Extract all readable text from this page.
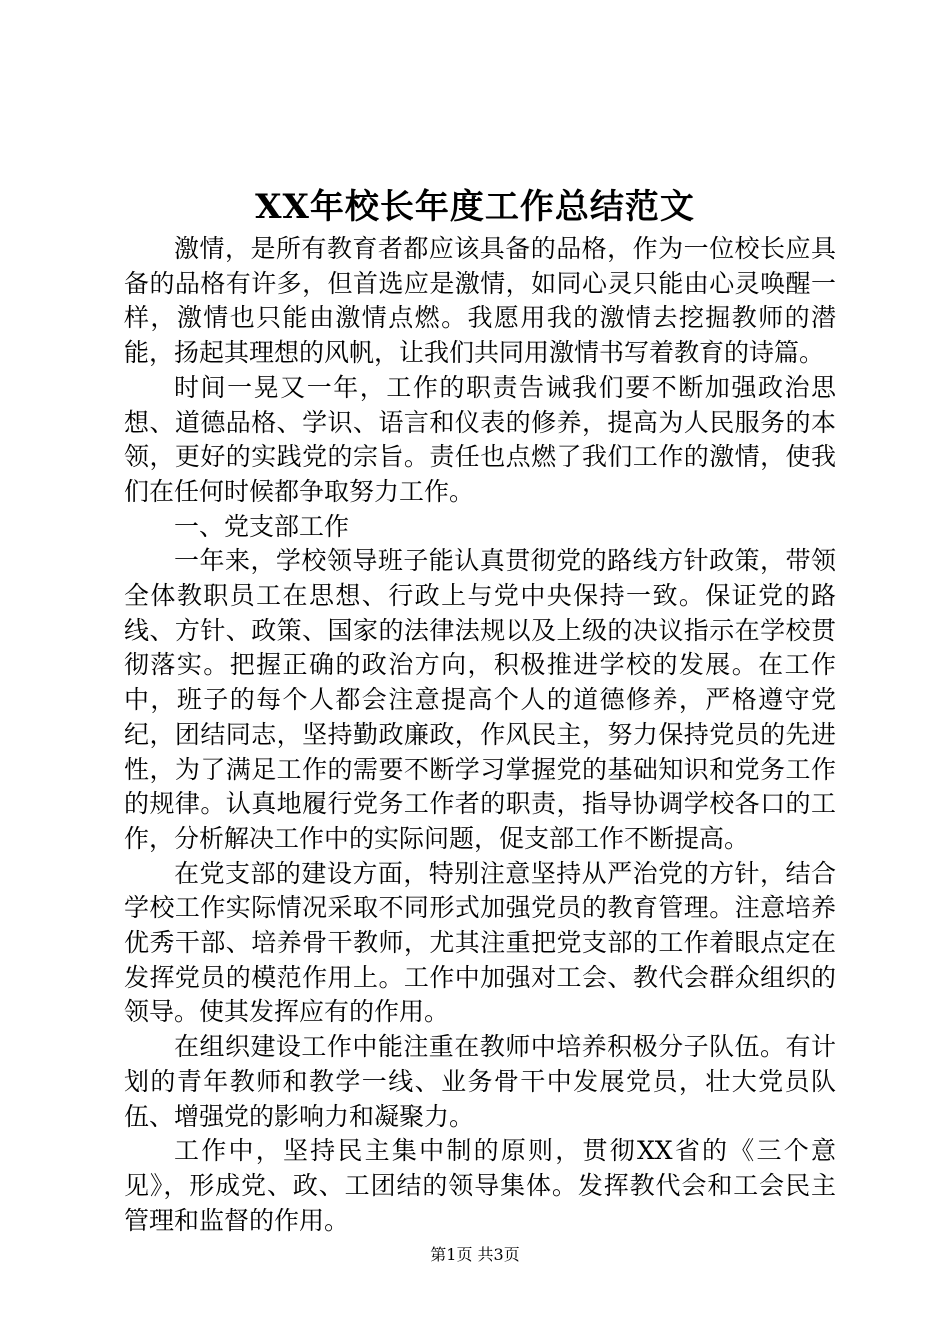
XX年校长年度工作总结范文

激情，是所有教育者都应该具备的品格，作为一位校长应具备的品格有许多，但首选应是激情，如同心灵只能由心灵唤醒一样，激情也只能由激情点燃。我愿用我的激情去挖掘教师的潜能，扬起其理想的风帆，让我们共同用激情书写着教育的诗篇。

时间一晃又一年，工作的职责告诫我们要不断加强政治思想、道德品格、学识、语言和仪表的修养，提高为人民服务的本领，更好的实践党的宗旨。责任也点燃了我们工作的激情，使我们在任何时候都争取努力工作。

一、党支部工作

一年来，学校领导班子能认真贯彻党的路线方针政策，带领全体教职员工在思想、行政上与党中央保持一致。保证党的路线、方针、政策、国家的法律法规以及上级的决议指示在学校贯彻落实。把握正确的政治方向，积极推进学校的发展。在工作中，班子的每个人都会注意提高个人的道德修养，严格遵守党纪，团结同志，坚持勤政廉政，作风民主，努力保持党员的先进性，为了满足工作的需要不断学习掌握党的基础知识和党务工作的规律。认真地履行党务工作者的职责，指导协调学校各口的工作，分析解决工作中的实际问题，促支部工作不断提高。

在党支部的建设方面，特别注意坚持从严治党的方针，结合学校工作实际情况采取不同形式加强党员的教育管理。注意培养优秀干部、培养骨干教师，尤其注重把党支部的工作着眼点定在发挥党员的模范作用上。工作中加强对工会、教代会群众组织的领导。使其发挥应有的作用。

在组织建设工作中能注重在教师中培养积极分子队伍。有计划的青年教师和教学一线、业务骨干中发展党员，壮大党员队伍、增强党的影响力和凝聚力。

工作中，坚持民主集中制的原则，贯彻XX省的《三个意见》，形成党、政、工团结的领导集体。发挥教代会和工会民主管理和监督的作用。

第1页 共3页
